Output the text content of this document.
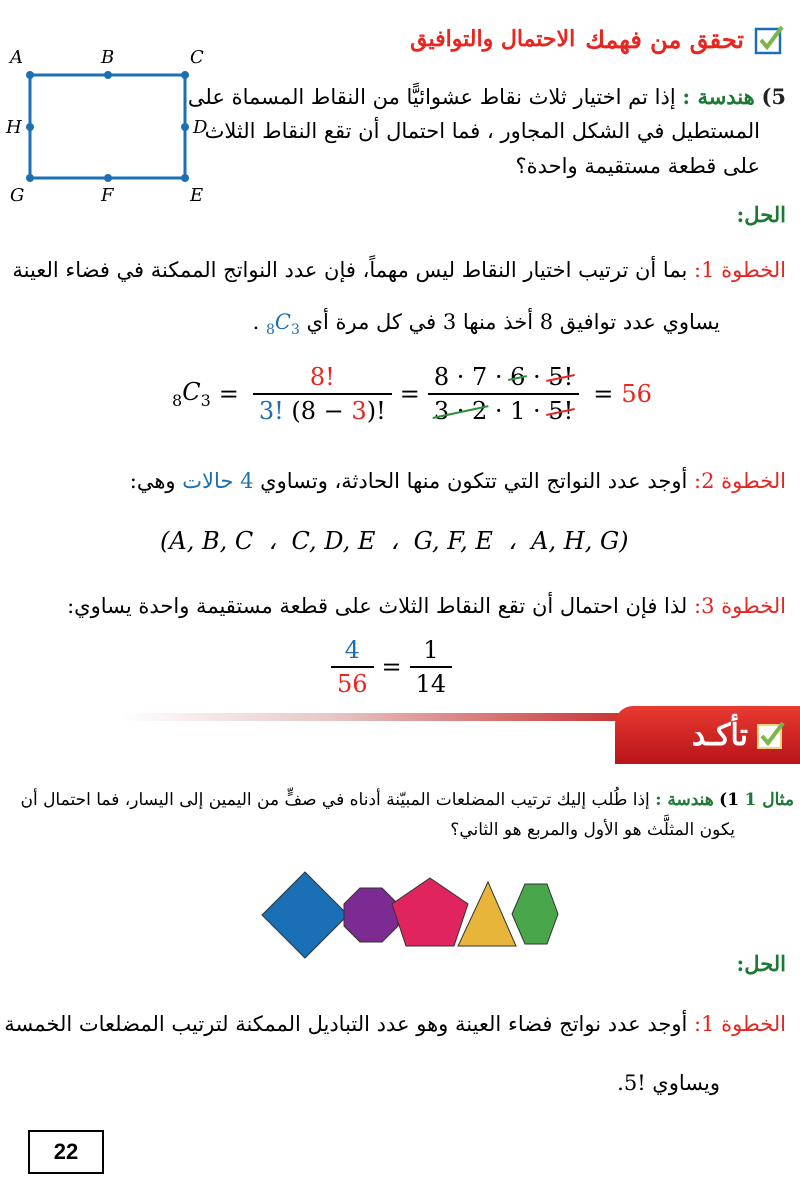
الاحتمال والتوافيق تحقق من فهمك
A	B	C
D
E
F
G
H
5) هندسة : إذا تم اختيار ثلاث نقاط عشوائيًّا من النقاط المسماة على
المستطيل في الشكل المجاور ، فما احتمال أن تقع النقاط الثلاث
على قطعة مستقيمة واحدة؟
الحل:
الخطوة 1: بما أن ترتيب اختيار النقاط ليس مهماً، فإن عدد النواتج الممكنة في فضاء العينة
يساوي عدد توافيق 8 أخذ منها 3 في كل مرة أي $_8C_3$ .
$_8C_3 = \frac{8!}{3! (8 - 3)!} = \frac{8 \cdot 7 \cdot 6 \cdot 5!}{3 \cdot 2 \cdot 1 \cdot 5!} = 56$
الخطوة 2: أوجد عدد النواتج التي تتكون منها الحادثة، وتساوي 4 حالات وهي:
(A, B, C  ،  C, D, E  ،  G, F, E  ،  A, H, G)
الخطوة 3: لذا فإن احتمال أن تقع النقاط الثلاث على قطعة مستقيمة واحدة يساوي:
$\frac{4}{56} = \frac{1}{14}$
تأكـد
مثال 1 1) هندسة : إذا طُلب إليك ترتيب المضلعات المبيّنة أدناه في صفٍّ من اليمين إلى اليسار، فما احتمال أن
يكون المثلَّث هو الأول والمربع هو الثاني؟
الحل:
الخطوة 1: أوجد عدد نواتج فضاء العينة وهو عدد التباديل الممكنة لترتيب المضلعات الخمسة
ويساوي !5.
22
